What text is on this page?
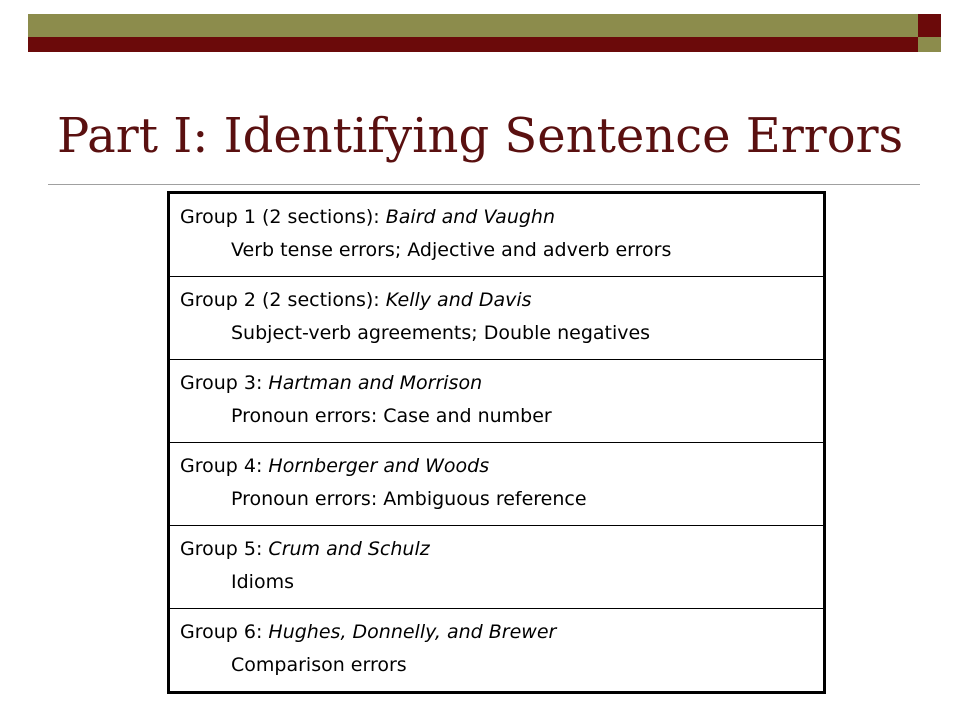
Part I: Identifying Sentence Errors
Group 1 (2 sections): Baird and Vaughn
Verb tense errors; Adjective and adverb errors
Group 2 (2 sections): Kelly and Davis
Subject-verb agreements; Double negatives
Group 3: Hartman and Morrison
Pronoun errors: Case and number
Group 4: Hornberger and Woods
Pronoun errors: Ambiguous reference
Group 5: Crum and Schulz
Idioms
Group 6: Hughes, Donnelly, and Brewer
Comparison errors
